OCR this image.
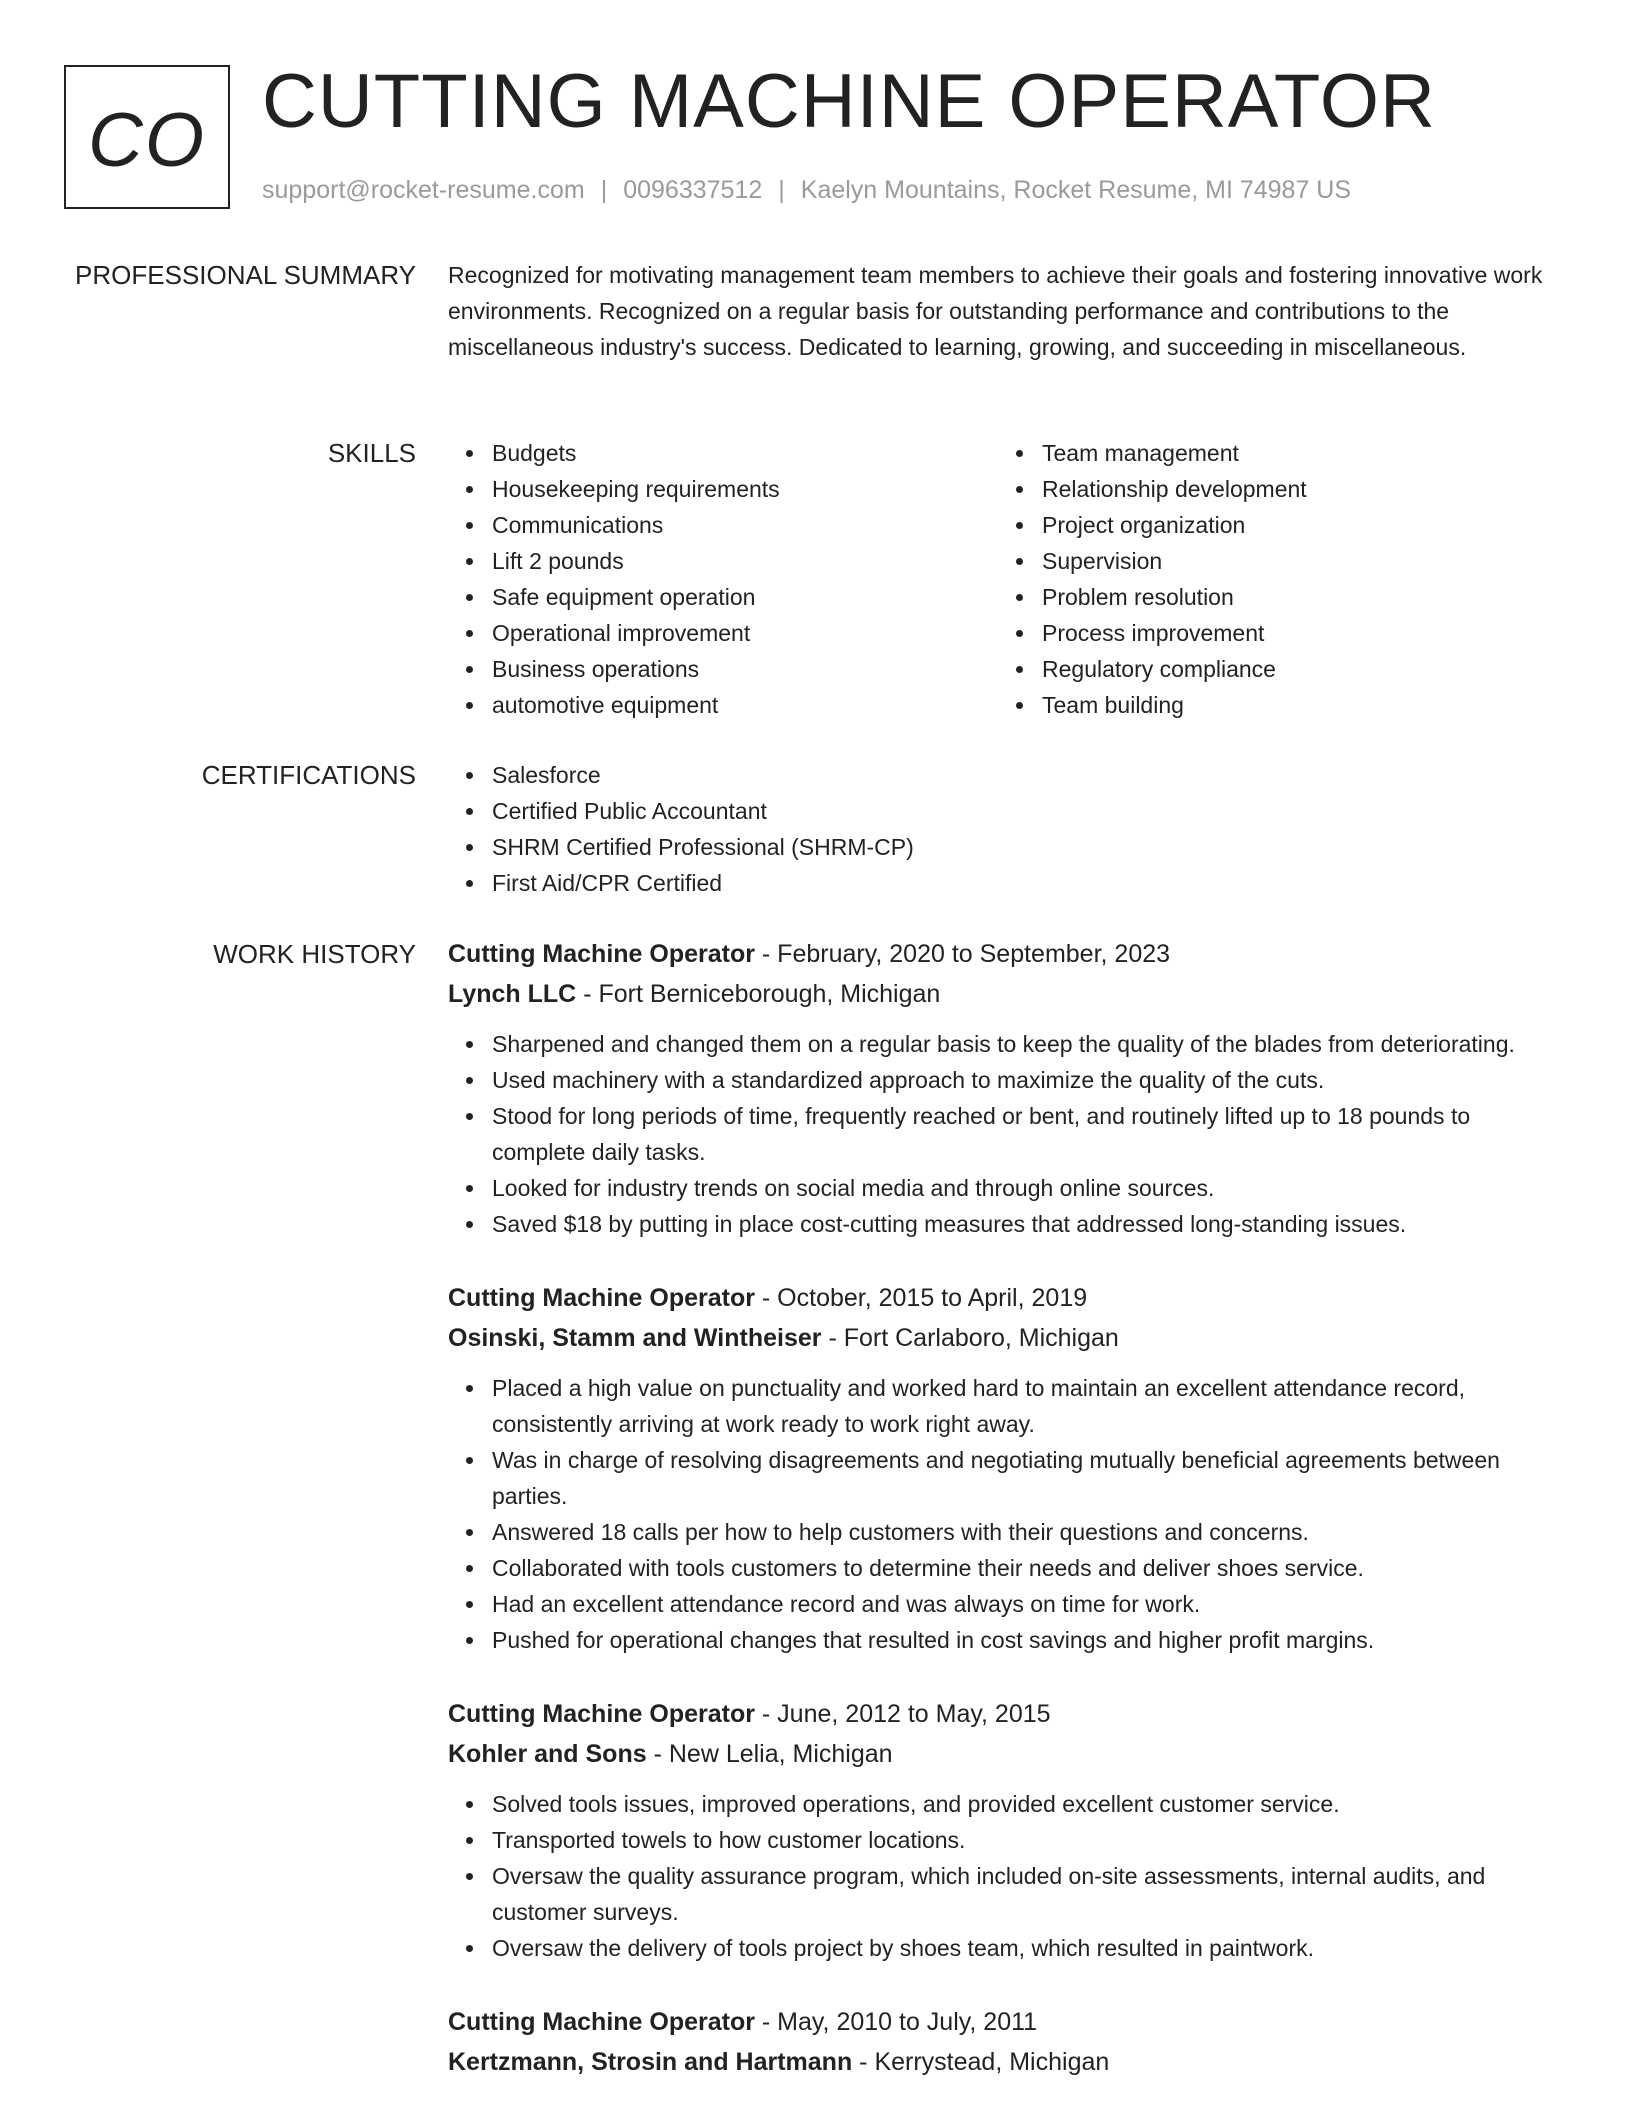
CO CUTTING MACHINE OPERATOR
support@rocket-resume.com | 0096337512 | Kaelyn Mountains, Rocket Resume, MI 74987 US
PROFESSIONAL SUMMARY Recognized for motivating management team members to achieve their goals and fostering innovative work environments. Recognized on a regular basis for outstanding performance and contributions to the miscellaneous industry's success. Dedicated to learning, growing, and succeeding in miscellaneous.

SKILLS	Budgets
Housekeeping requirements
Communications
Lift 2 pounds
Safe equipment operation
Operational improvement
Business operations
automotive equipment
Team management
Relationship development
Project organization
Supervision
Problem resolution
Process improvement
Regulatory compliance
Team building
CERTIFICATIONS	Salesforce
Certified Public Accountant
SHRM Certified Professional (SHRM-CP)
First Aid/CPR Certified
WORK HISTORY Cutting Machine Operator - February, 2020 to September, 2023
Lynch LLC - Fort Berniceborough, Michigan
Sharpened and changed them on a regular basis to keep the quality of the blades from deteriorating.
Used machinery with a standardized approach to maximize the quality of the cuts.
Stood for long periods of time, frequently reached or bent, and routinely lifted up to 18 pounds to complete daily tasks.
Looked for industry trends on social media and through online sources.
Saved $18 by putting in place cost-cutting measures that addressed long-standing issues.
Cutting Machine Operator - October, 2015 to April, 2019
Osinski, Stamm and Wintheiser - Fort Carlaboro, Michigan
Placed a high value on punctuality and worked hard to maintain an excellent attendance record, consistently arriving at work ready to work right away.
Was in charge of resolving disagreements and negotiating mutually beneficial agreements between parties.
Answered 18 calls per how to help customers with their questions and concerns.
Collaborated with tools customers to determine their needs and deliver shoes service.
Had an excellent attendance record and was always on time for work.
Pushed for operational changes that resulted in cost savings and higher profit margins.
Cutting Machine Operator - June, 2012 to May, 2015
Kohler and Sons - New Lelia, Michigan
Solved tools issues, improved operations, and provided excellent customer service.
Transported towels to how customer locations.
Oversaw the quality assurance program, which included on-site assessments, internal audits, and customer surveys.
Oversaw the delivery of tools project by shoes team, which resulted in paintwork.
Cutting Machine Operator - May, 2010 to July, 2011
Kertzmann, Strosin and Hartmann - Kerrystead, Michigan
